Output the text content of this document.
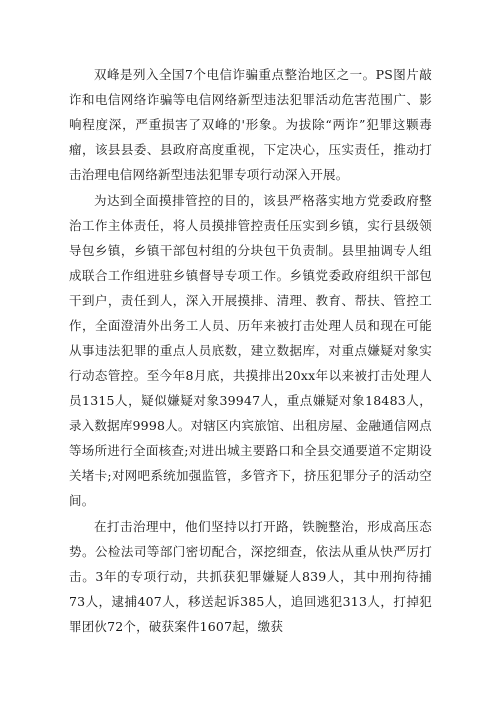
双峰是列入全国7个电信诈骗重点整治地区之一。PS图片敲诈和电信网络诈骗等电信网络新型违法犯罪活动危害范围广、影响程度深，严重损害了双峰的'形象。为拔除“两诈”犯罪这颗毒瘤，该县县委、县政府高度重视，下定决心，压实责任，推动打击治理电信网络新型违法犯罪专项行动深入开展。

为达到全面摸排管控的目的，该县严格落实地方党委政府整治工作主体责任，将人员摸排管控责任压实到乡镇，实行县级领导包乡镇，乡镇干部包村组的分块包干负责制。县里抽调专人组成联合工作组进驻乡镇督导专项工作。乡镇党委政府组织干部包干到户，责任到人，深入开展摸排、清理、教育、帮扶、管控工作，全面澄清外出务工人员、历年来被打击处理人员和现在可能从事违法犯罪的重点人员底数，建立数据库，对重点嫌疑对象实行动态管控。至今年8月底，共摸排出20xx年以来被打击处理人员1315人，疑似嫌疑对象39947人，重点嫌疑对象18483人，录入数据库9998人。对辖区内宾旅馆、出租房屋、金融通信网点等场所进行全面核查;对进出城主要路口和全县交通要道不定期设关堵卡;对网吧系统加强监管，多管齐下，挤压犯罪分子的活动空间。

在打击治理中，他们坚持以打开路，铁腕整治，形成高压态势。公检法司等部门密切配合，深挖细查，依法从重从快严厉打击。3年的专项行动，共抓获犯罪嫌疑人839人，其中刑拘待捕73人，逮捕407人，移送起诉385人，追回逃犯313人，打掉犯罪团伙72个，破获案件1607起，缴获
